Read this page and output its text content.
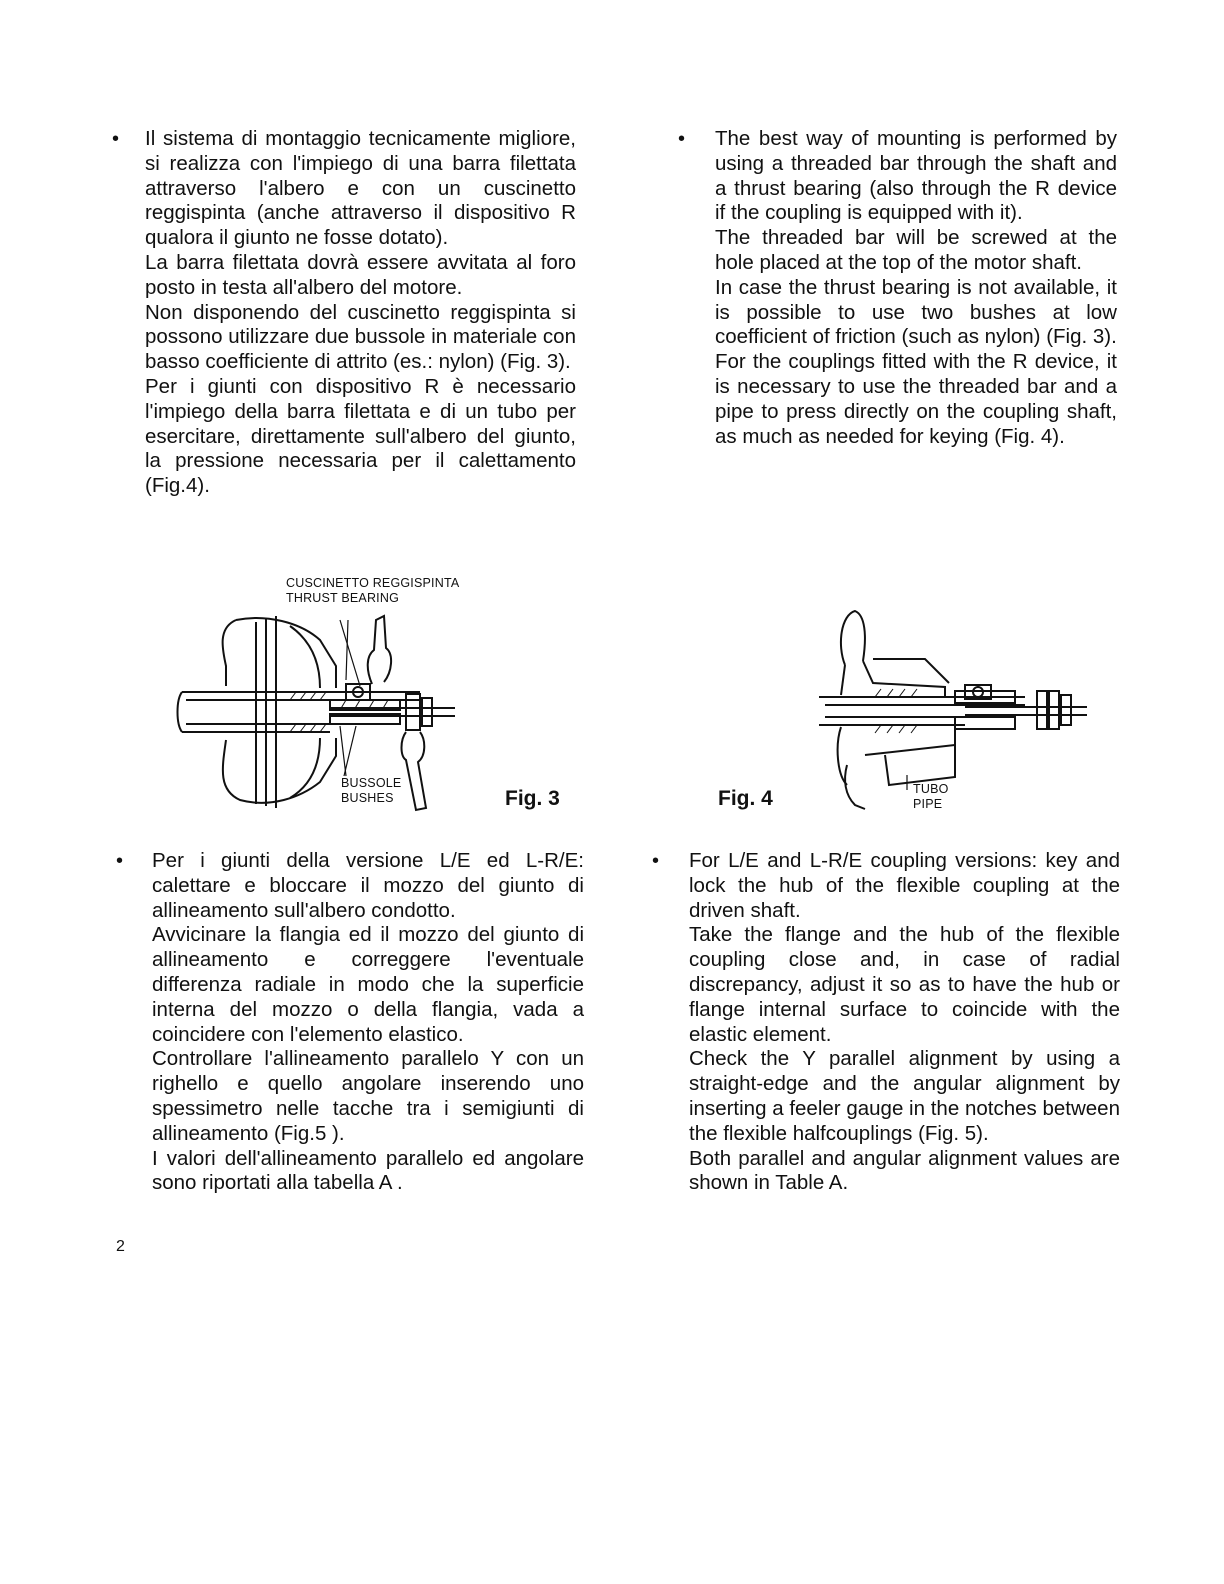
• Il sistema di montaggio tecnicamente migliore, si realizza con l'impiego di una barra filettata attraverso l'albero e con un cuscinetto reggispinta (anche attraverso il dispositivo R qualora il giunto ne fosse dotato).

La barra filettata dovrà essere avvitata al foro posto in testa all'albero del motore.

Non disponendo del cuscinetto reggispinta si possono utilizzare due bussole in materiale con basso coefficiente di attrito (es.: nylon) (Fig. 3).

Per i giunti con dispositivo R è necessario l'impiego della barra filettata e di un tubo per esercitare, direttamente sull'albero del giunto, la pressione necessaria per il calettamento (Fig.4).

• The best way of mounting is performed by using a threaded bar through the shaft and a thrust bearing (also through the R device if the coupling is equipped with it).

The threaded bar will be screwed at the hole placed at the top of the motor shaft.

In case the thrust bearing is not available, it is possible to use two bushes at low coefficient of friction (such as nylon) (Fig. 3).

For the couplings fitted with the R device, it is necessary to use the threaded bar and a pipe to press directly on the coupling shaft, as much as needed for keying (Fig. 4).

CUSCINETTO REGGISPINTA
THRUST BEARING
BUSSOLE
BUSHES	Fig. 3	Fig. 4	TUBO
PIPE
• Per i giunti della versione L/E ed L-R/E: calettare e bloccare il mozzo del giunto di allineamento sull'albero condotto.

Avvicinare la flangia ed il mozzo del giunto di allineamento e correggere l'eventuale differenza radiale in modo che la superficie interna del mozzo o della flangia, vada a coincidere con l'elemento elastico.

Controllare l'allineamento parallelo Y con un righello e quello angolare inserendo uno spessimetro nelle tacche tra i semigiunti di allineamento (Fig.5 ).

I valori dell'allineamento parallelo ed angolare sono riportati alla tabella A .

• For L/E and L-R/E coupling versions: key and lock the hub of the flexible coupling at the driven shaft.

Take the flange and the hub of the flexible coupling close and, in case of radial discrepancy, adjust it so as to have the hub or flange internal surface to coincide with the elastic element.

Check the Y parallel alignment by using a straight-edge and the angular alignment by inserting a feeler gauge in the notches between the flexible halfcouplings (Fig. 5).

Both parallel and angular alignment values are shown in Table A.

2
